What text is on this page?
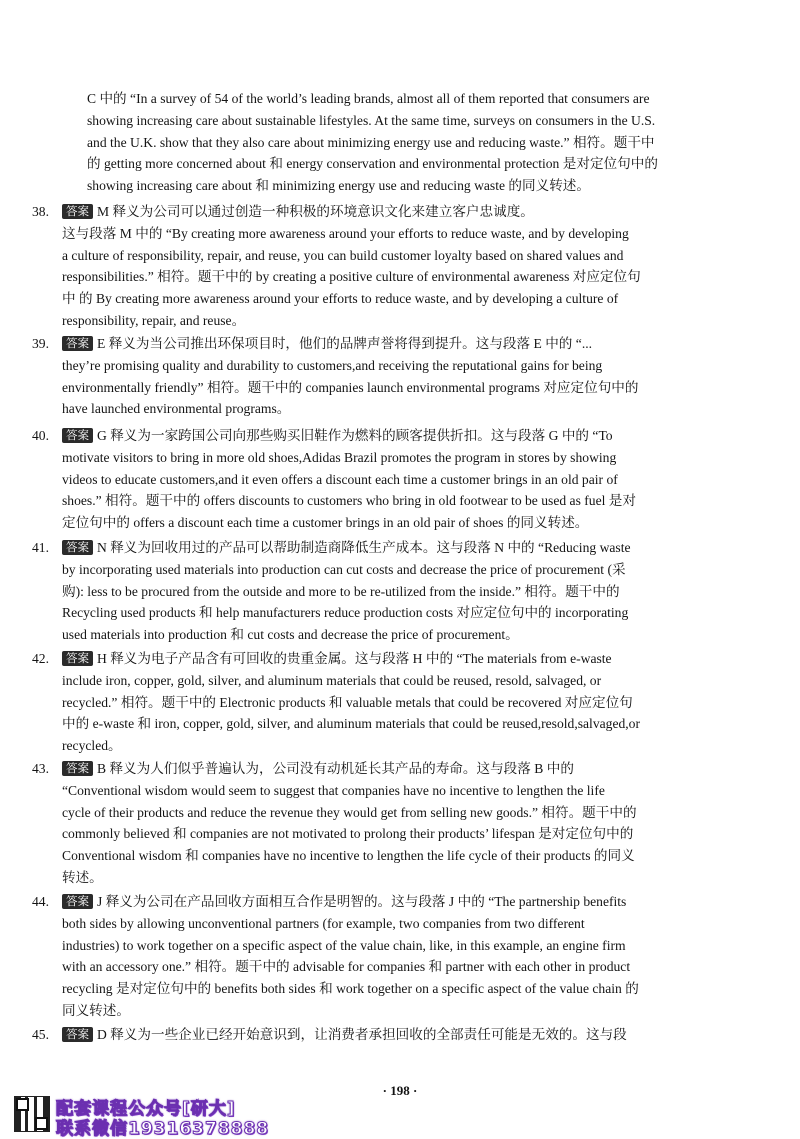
C 中的 “In a survey of 54 of the world’s leading brands, almost all of them reported that consumers are
showing increasing care about sustainable lifestyles. At the same time, surveys on consumers in the U.S.
and the U.K. show that they also care about minimizing energy use and reducing waste.” 相符。题干中
的 getting more concerned about 和 energy conservation and environmental protection 是对定位句中的
showing increasing care about 和 minimizing energy use and reducing waste 的同义转述。
38. 答案 M 释义为公司可以通过创造一种积极的环境意识文化来建立客户忠诚度。
这与段落 M 中的 “By creating more awareness around your efforts to reduce waste, and by developing
a culture of responsibility, repair, and reuse, you can build customer loyalty based on shared values and
responsibilities.” 相符。题干中的 by creating a positive culture of environmental awareness 对应定位句
中 的 By creating more awareness around your efforts to reduce waste, and by developing a culture of
responsibility, repair, and reuse。
39. 答案 E 释义为当公司推出环保项目时，他们的品牌声誉将得到提升。这与段落 E 中的 “...
they’re promising quality and durability to customers,and receiving the reputational gains for being
environmentally friendly” 相符。题干中的 companies launch environmental programs 对应定位句中的
have launched environmental programs。
40. 答案 G 释义为一家跨国公司向那些购买旧鞋作为燃料的顾客提供折扣。这与段落 G 中的 “To
motivate visitors to bring in more old shoes,Adidas Brazil promotes the program in stores by showing
videos to educate customers,and it even offers a discount each time a customer brings in an old pair of
shoes.” 相符。题干中的 offers discounts to customers who bring in old footwear to be used as fuel 是对
定位句中的 offers a discount each time a customer brings in an old pair of shoes 的同义转述。
41. 答案 N 释义为回收用过的产品可以帮助制造商降低生产成本。这与段落 N 中的 “Reducing waste
by incorporating used materials into production can cut costs and decrease the price of procurement (采
购): less to be procured from the outside and more to be re-utilized from the inside.” 相符。题干中的
Recycling used products 和 help manufacturers reduce production costs 对应定位句中的 incorporating
used materials into production 和 cut costs and decrease the price of procurement。
42. 答案 H 释义为电子产品含有可回收的贵重金属。这与段落 H 中的 “The materials from e-waste
include iron, copper, gold, silver, and aluminum materials that could be reused, resold, salvaged, or
recycled.” 相符。题干中的 Electronic products 和 valuable metals that could be recovered 对应定位句
中的 e-waste 和 iron, copper, gold, silver, and aluminum materials that could be reused,resold,salvaged,or
recycled。
43. 答案 B 释义为人们似乎普遍认为，公司没有动机延长其产品的寿命。这与段落 B 中的
“Conventional wisdom would seem to suggest that companies have no incentive to lengthen the life
cycle of their products and reduce the revenue they would get from selling new goods.” 相符。题干中的
commonly believed 和 companies are not motivated to prolong their products’ lifespan 是对定位句中的
Conventional wisdom 和 companies have no incentive to lengthen the life cycle of their products 的同义
转述。
44. 答案 J 释义为公司在产品回收方面相互合作是明智的。这与段落 J 中的 “The partnership benefits
both sides by allowing unconventional partners (for example, two companies from two different
industries) to work together on a specific aspect of the value chain, like, in this example, an engine firm
with an accessory one.” 相符。题干中的 advisable for companies 和 partner with each other in product
recycling 是对定位句中的 benefits both sides 和 work together on a specific aspect of the value chain 的
同义转述。
45. 答案 D 释义为一些企业已经开始意识到，让消费者承担回收的全部责任可能是无效的。这与段
· 198 ·
配套课程公众号[研大]
联系微信19316378888
